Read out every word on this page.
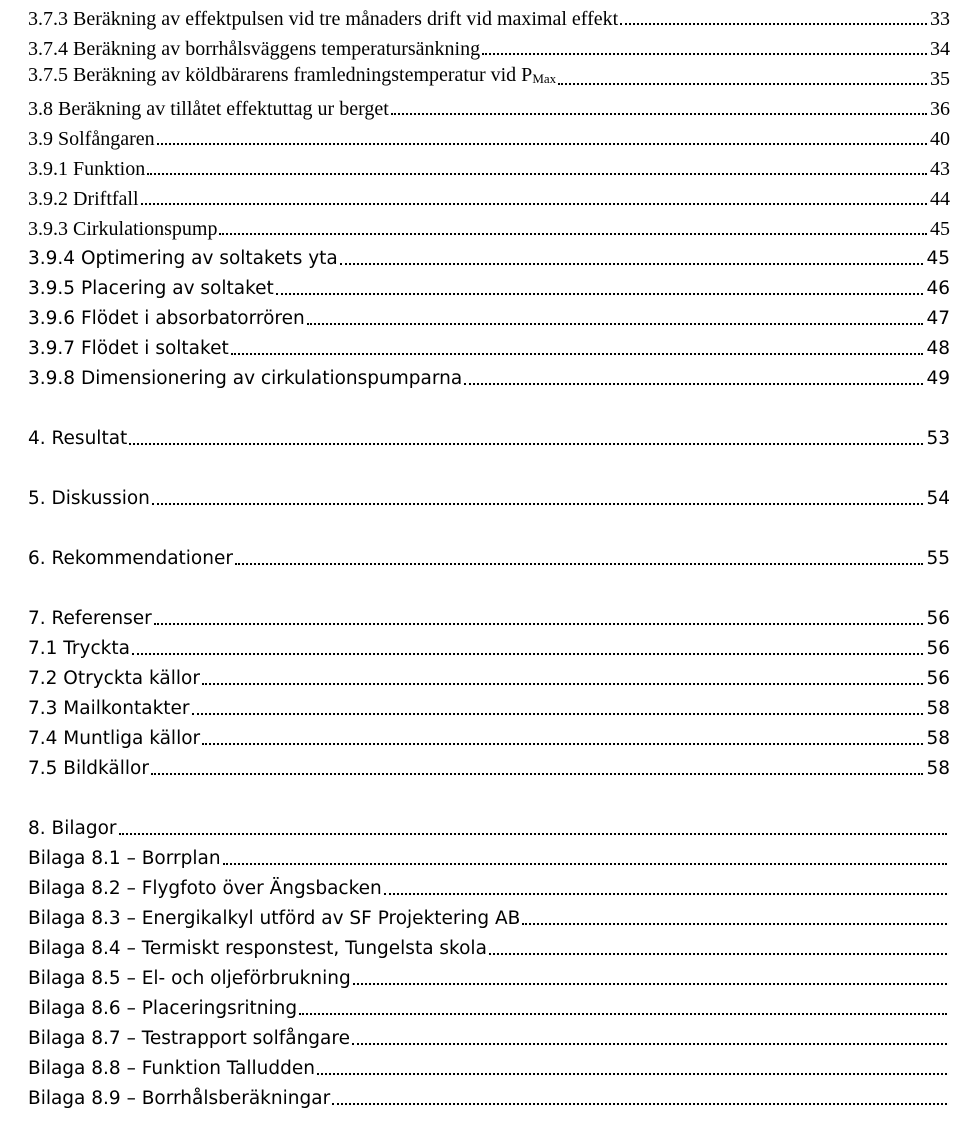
3.7.3 Beräkning av effektpulsen vid tre månaders drift vid maximal effekt	33
3.7.4 Beräkning av borrhålsväggens temperatursänkning	34
3.7.5 Beräkning av köldbärarens framledningstemperatur vid $P_{Max}$	35
3.8 Beräkning av tillåtet effektuttag ur berget	36
3.9 Solfångaren	40
3.9.1 Funktion	43
3.9.2 Driftfall	44
3.9.3 Cirkulationspump	45
3.9.4 Optimering av soltakets yta	45
3.9.5 Placering av soltaket	46
3.9.6 Flödet i absorbatorrören	47
3.9.7 Flödet i soltaket	48
3.9.8 Dimensionering av cirkulationspumparna	49
4. Resultat	53
5. Diskussion	54
6. Rekommendationer	55
7. Referenser	56
7.1 Tryckta	56
7.2 Otryckta källor	56
7.3 Mailkontakter	58
7.4 Muntliga källor	58
7.5 Bildkällor	58
8. Bilagor
Bilaga 8.1 – Borrplan
Bilaga 8.2 – Flygfoto över Ängsbacken
Bilaga 8.3 – Energikalkyl utförd av SF Projektering AB
Bilaga 8.4 – Termiskt responstest, Tungelsta skola
Bilaga 8.5 – El- och oljeförbrukning
Bilaga 8.6 – Placeringsritning
Bilaga 8.7 – Testrapport solfångare
Bilaga 8.8 – Funktion Talludden
Bilaga 8.9 – Borrhålsberäkningar
